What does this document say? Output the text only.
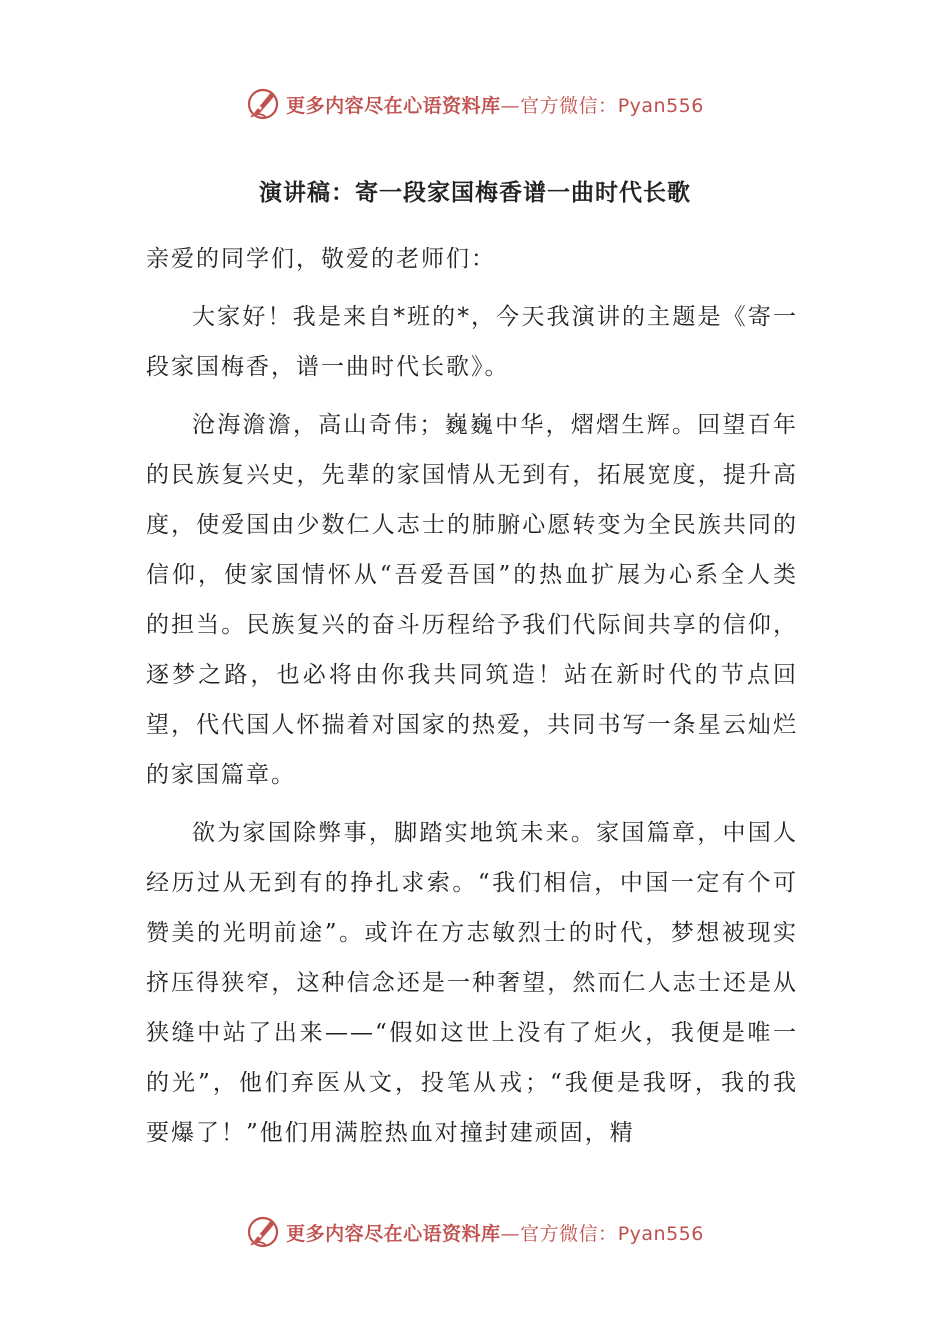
更多内容尽在心语资料库—官方微信：Pyan556
演讲稿：寄一段家国梅香谱一曲时代长歌

亲爱的同学们，敬爱的老师们：

大家好！我是来自*班的*，今天我演讲的主题是《寄一段家国梅香，谱一曲时代长歌》。

沧海澹澹，高山奇伟；巍巍中华，熠熠生辉。回望百年的民族复兴史，先辈的家国情从无到有，拓展宽度，提升高度，使爱国由少数仁人志士的肺腑心愿转变为全民族共同的信仰，使家国情怀从“吾爱吾国”的热血扩展为心系全人类的担当。民族复兴的奋斗历程给予我们代际间共享的信仰，逐梦之路，也必将由你我共同筑造！站在新时代的节点回望，代代国人怀揣着对国家的热爱，共同书写一条星云灿烂的家国篇章。

欲为家国除弊事，脚踏实地筑未来。家国篇章，中国人经历过从无到有的挣扎求索。“我们相信，中国一定有个可赞美的光明前途”。或许在方志敏烈士的时代，梦想被现实挤压得狭窄，这种信念还是一种奢望，然而仁人志士还是从狭缝中站了出来——“假如这世上没有了炬火，我便是唯一的光”，他们弃医从文，投笔从戎；“我便是我呀，我的我要爆了！”他们用满腔热血对撞封建顽固，精

更多内容尽在心语资料库—官方微信：Pyan556
